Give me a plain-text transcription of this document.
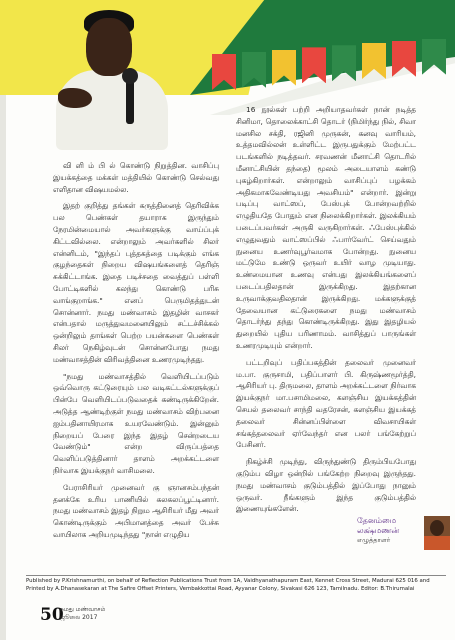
வி ளி ம் பி ல் கொண்டு நிறுத்தின. வாசிப்பு இயக்கத்தை மக்கள் மத்தியில் கொண்டு செல்வது எளிதான விஷயமல்ல.

இதற் குறித்து தங்கள் கருத்தினைத் தெரிவிக்க பல பெண்கள் தயாராக இருந்தும் நேரமின்மையால் அவர்களுக்கு வாய்ப்புக் கிட்டவில்லை. என்றாலும் அவர்களில் சிலர் என்னிடம், "இந்தப் புத்தகத்தை படிக்கும் எங்க குழந்தைகள் நிறைய விஷயங்களைத் தெரிஞ் சுக்கிட்டாங்க. இதை படிச்சதை வைத்துப் பள்ளி போட்டிகளில் கலந்து கொண்டு பரிசு வாங்குறாங்க." எனப் பெருமிதத்துடன் சொன்னார். நமது மண்வாசம் இதழின் வாசகர் என்பதால் மருத்துவமனையிலும் சட்டச்சிக்கல் ஒன்றிலும் தாங்கள் பெற்ற பயன்களை பெண்கள் சிலர் நெகிழ்வுடன் சொன்னபோது நமது மண்வாசத்தின் விரிவத்தினை உணரமுடிந்தது.

"நமது மண்வாசத்தில் வெளியிடப்படும் ஒவ்வொரு கட்டுரையும் பல வடிகட்டல்களுக்குப் பின்பே வெளியிடப்படுவதைக் கண்டிருக்கிறேன். அடுத்த ஆண்டிற்குள் நமது மண்வாசம் விற்பனை ஐம்பதினாயிரமாக உயரவேண்டும். இன்னும் நிறையப் பேரை இந்த இதழ் சென்றடைய வேண்டும்" என்ற விருப்பத்தை வெளிப்படுத்தினார் தாளம் அறக்கட்டளை நிர்வாக இயக்குநர் வாசிமலை.

பேராசிரியர் முனைவர் கு ஞானசம்பந்தன் தனக்கே உரிய பாணியில் கலகலப்பூட்டினார். நமது மண்வாசம் இதழ் நிறும ஆசிரியர் மீது அவர் கொண்டிருக்கும் அபிமானத்தை அவர் பேச்சு வாயிலாக அறியமுடிந்தது "நான் எழுதிய

16 நூல்கள் பற்றி அறியாதவர்கள் நான் நடித்த சினிமா, தொலைக்காட்சி தொடர் (நிமிர்ந்து நில், சிவா மனசில சக்தி, ரஜினி முருகன், கனவு வாரியம், உத்தமவில்லன் உள்ளிட்ட இருபதுக்கும் மேற்பட்ட படங்களில் நடித்தவர். சரவணன் மீனாட்சி தொடரில் மீனாட்சியின் தந்தை) மூலம் அடையாளம் கண்டு புகழ்கிறார்கள். என்றாலும் வாசிப்புப் பழக்கம் அதிகமாகவேண்டியது அவசியம்" என்றார். இன்று படிப்பு வாட்ஸப், பேஸ்புக் போன்றவற்றில் எழுதியதே போதும் என நிலைக்கிறார்கள். இலக்கியம் படைப்பவர்கள் அருகி வருகிறார்கள். ஃபேஸ்புக்கில் எழுதுவதும் வாட்ஸப்பில் ஃபார்வேர்ட் செய்வதும் நுனைய உணர்வுபூர்வமாக போன்றது. நுனைய மட்டுமே உண்டு ஒருவர் உயிர் வாழ முடியாது. உண்மையான உணவு என்பது இலக்கியங்களைப் படைப்பதிலதான் இருக்கிறது. இதற்கான உருவாக்குவதிலதான் இருக்கிறது. மக்களுக்குத் தேவையான கட்டுரைகளை நமது மண்வாசம் தொடர்ந்து தந்து கொண்டிருக்கிறது. இது இதழியல் துறையில் புதிய பரிணாமம். வாசித்துப் பாருங்கள் உணரமுடியும் என்றார்.

பட்டறிவுப் பதிப்பகத்தின் தலைவர் முனைவர் ம.பா. குருசாமி, பதிப்பாளர் பி. கிருஷ்ணமூர்த்தி, ஆசிரியர் பு. திருமலை, தாளம் அறக்கட்டளை நிர்வாக இயக்குநர் மா.பசாமிமலை, களஞ்சிய இயக்கத்தின் செயல் தலைவர் சாந்தி வதரேசன், களஞ்சிய இயக்கத் தலைவர் சின்னப்பிள்ளை விவசாயிகள் சங்கத்தலைவர் ஏர்வேந்தர் என பலர் பங்கேற்றுப் பேசினர்.

நிகழ்ச்சி முடிந்து, விருந்துண்டு திரும்பியபோது குடும்ப விழா ஒன்றில் பங்கேற்ற நிறைவு இருந்தது. நமது மண்வாசம் குடும்பத்தில் இப்போது நானும் ஒருவர். நீங்களும் இந்த குடும்பத்தில் இணையுங்களேன்.

தேனம்மை லக்ஷ்மணன்
எழுத்தாளர்
Published by P.Krishnamurthi, on behalf of Reflection Publications Trust from 1A, Vaidhyanathapuram East, Kennet Cross Street, Madurai 625 016 and Printed by A.Dhanasekaran at The Safire Offset Printers, Vembakkottai Road, Ayyanar Colony, Sivakasi 626 123, Tamilnadu. Editor: B.Thirumalai
50
நமது மண்வாசம்
ஜூலை 2017
